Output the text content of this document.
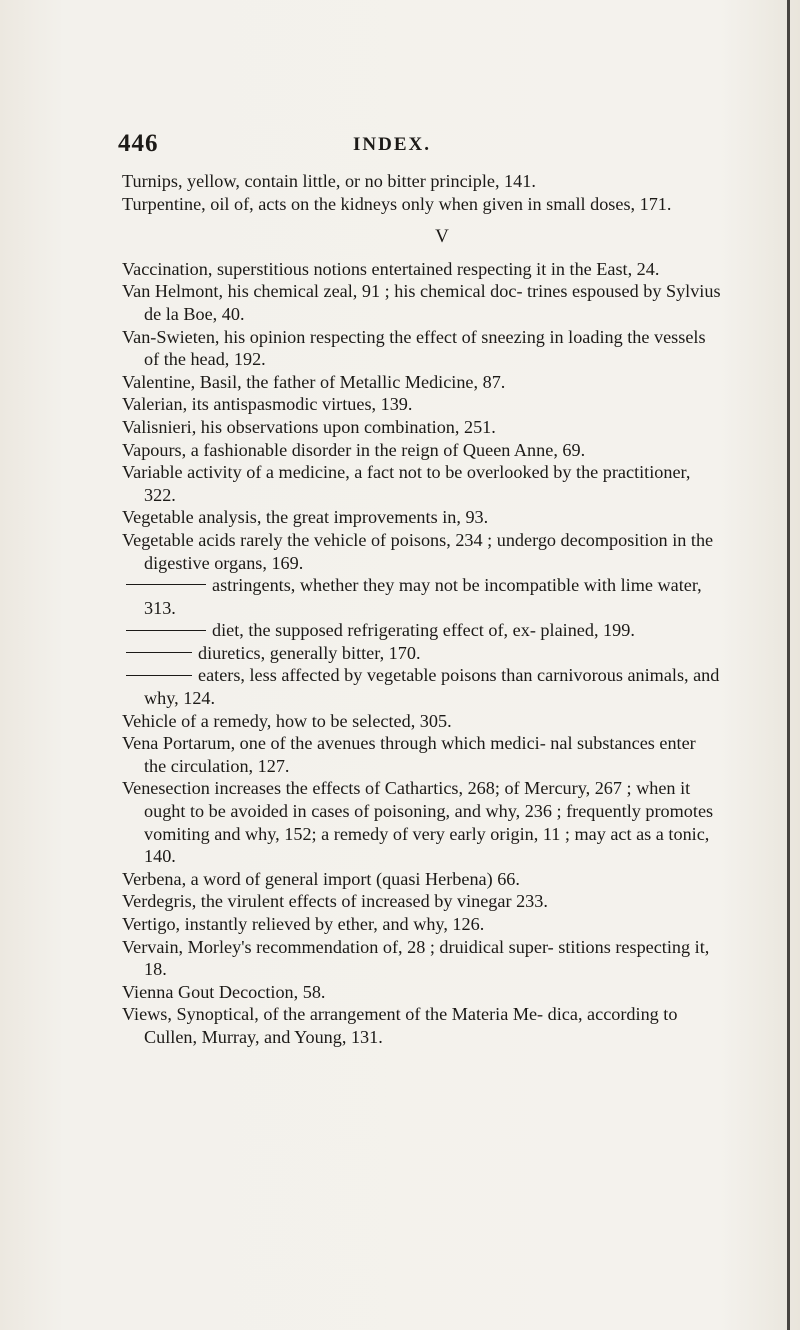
446	INDEX.

Turnips, yellow, contain little, or no bitter principle, 141.

Turpentine, oil of, acts on the kidneys only when given in small doses, 171.

V

Vaccination, superstitious notions entertained respecting it in the East, 24.

Van Helmont, his chemical zeal, 91 ; his chemical doc- trines espoused by Sylvius de la Boe, 40.

Van-Swieten, his opinion respecting the effect of sneezing in loading the vessels of the head, 192.

Valentine, Basil, the father of Metallic Medicine, 87.

Valerian, its antispasmodic virtues, 139.

Valisnieri, his observations upon combination, 251.

Vapours, a fashionable disorder in the reign of Queen Anne, 69.

Variable activity of a medicine, a fact not to be overlooked by the practitioner, 322.

Vegetable analysis, the great improvements in, 93.

Vegetable acids rarely the vehicle of poisons, 234 ; undergo decomposition in the digestive organs, 169.

astringents, whether they may not be incompatible with lime water, 313.

diet, the supposed refrigerating effect of, ex- plained, 199.

diuretics, generally bitter, 170.

eaters, less affected by vegetable poisons than carnivorous animals, and why, 124.

Vehicle of a remedy, how to be selected, 305.

Vena Portarum, one of the avenues through which medici- nal substances enter the circulation, 127.

Venesection increases the effects of Cathartics, 268; of Mercury, 267 ; when it ought to be avoided in cases of poisoning, and why, 236 ; frequently promotes vomiting and why, 152; a remedy of very early origin, 11 ; may act as a tonic, 140.

Verbena, a word of general import (quasi Herbena) 66.

Verdegris, the virulent effects of increased by vinegar 233.

Vertigo, instantly relieved by ether, and why, 126.

Vervain, Morley's recommendation of, 28 ; druidical super- stitions respecting it, 18.

Vienna Gout Decoction, 58.

Views, Synoptical, of the arrangement of the Materia Me- dica, according to Cullen, Murray, and Young, 131.
